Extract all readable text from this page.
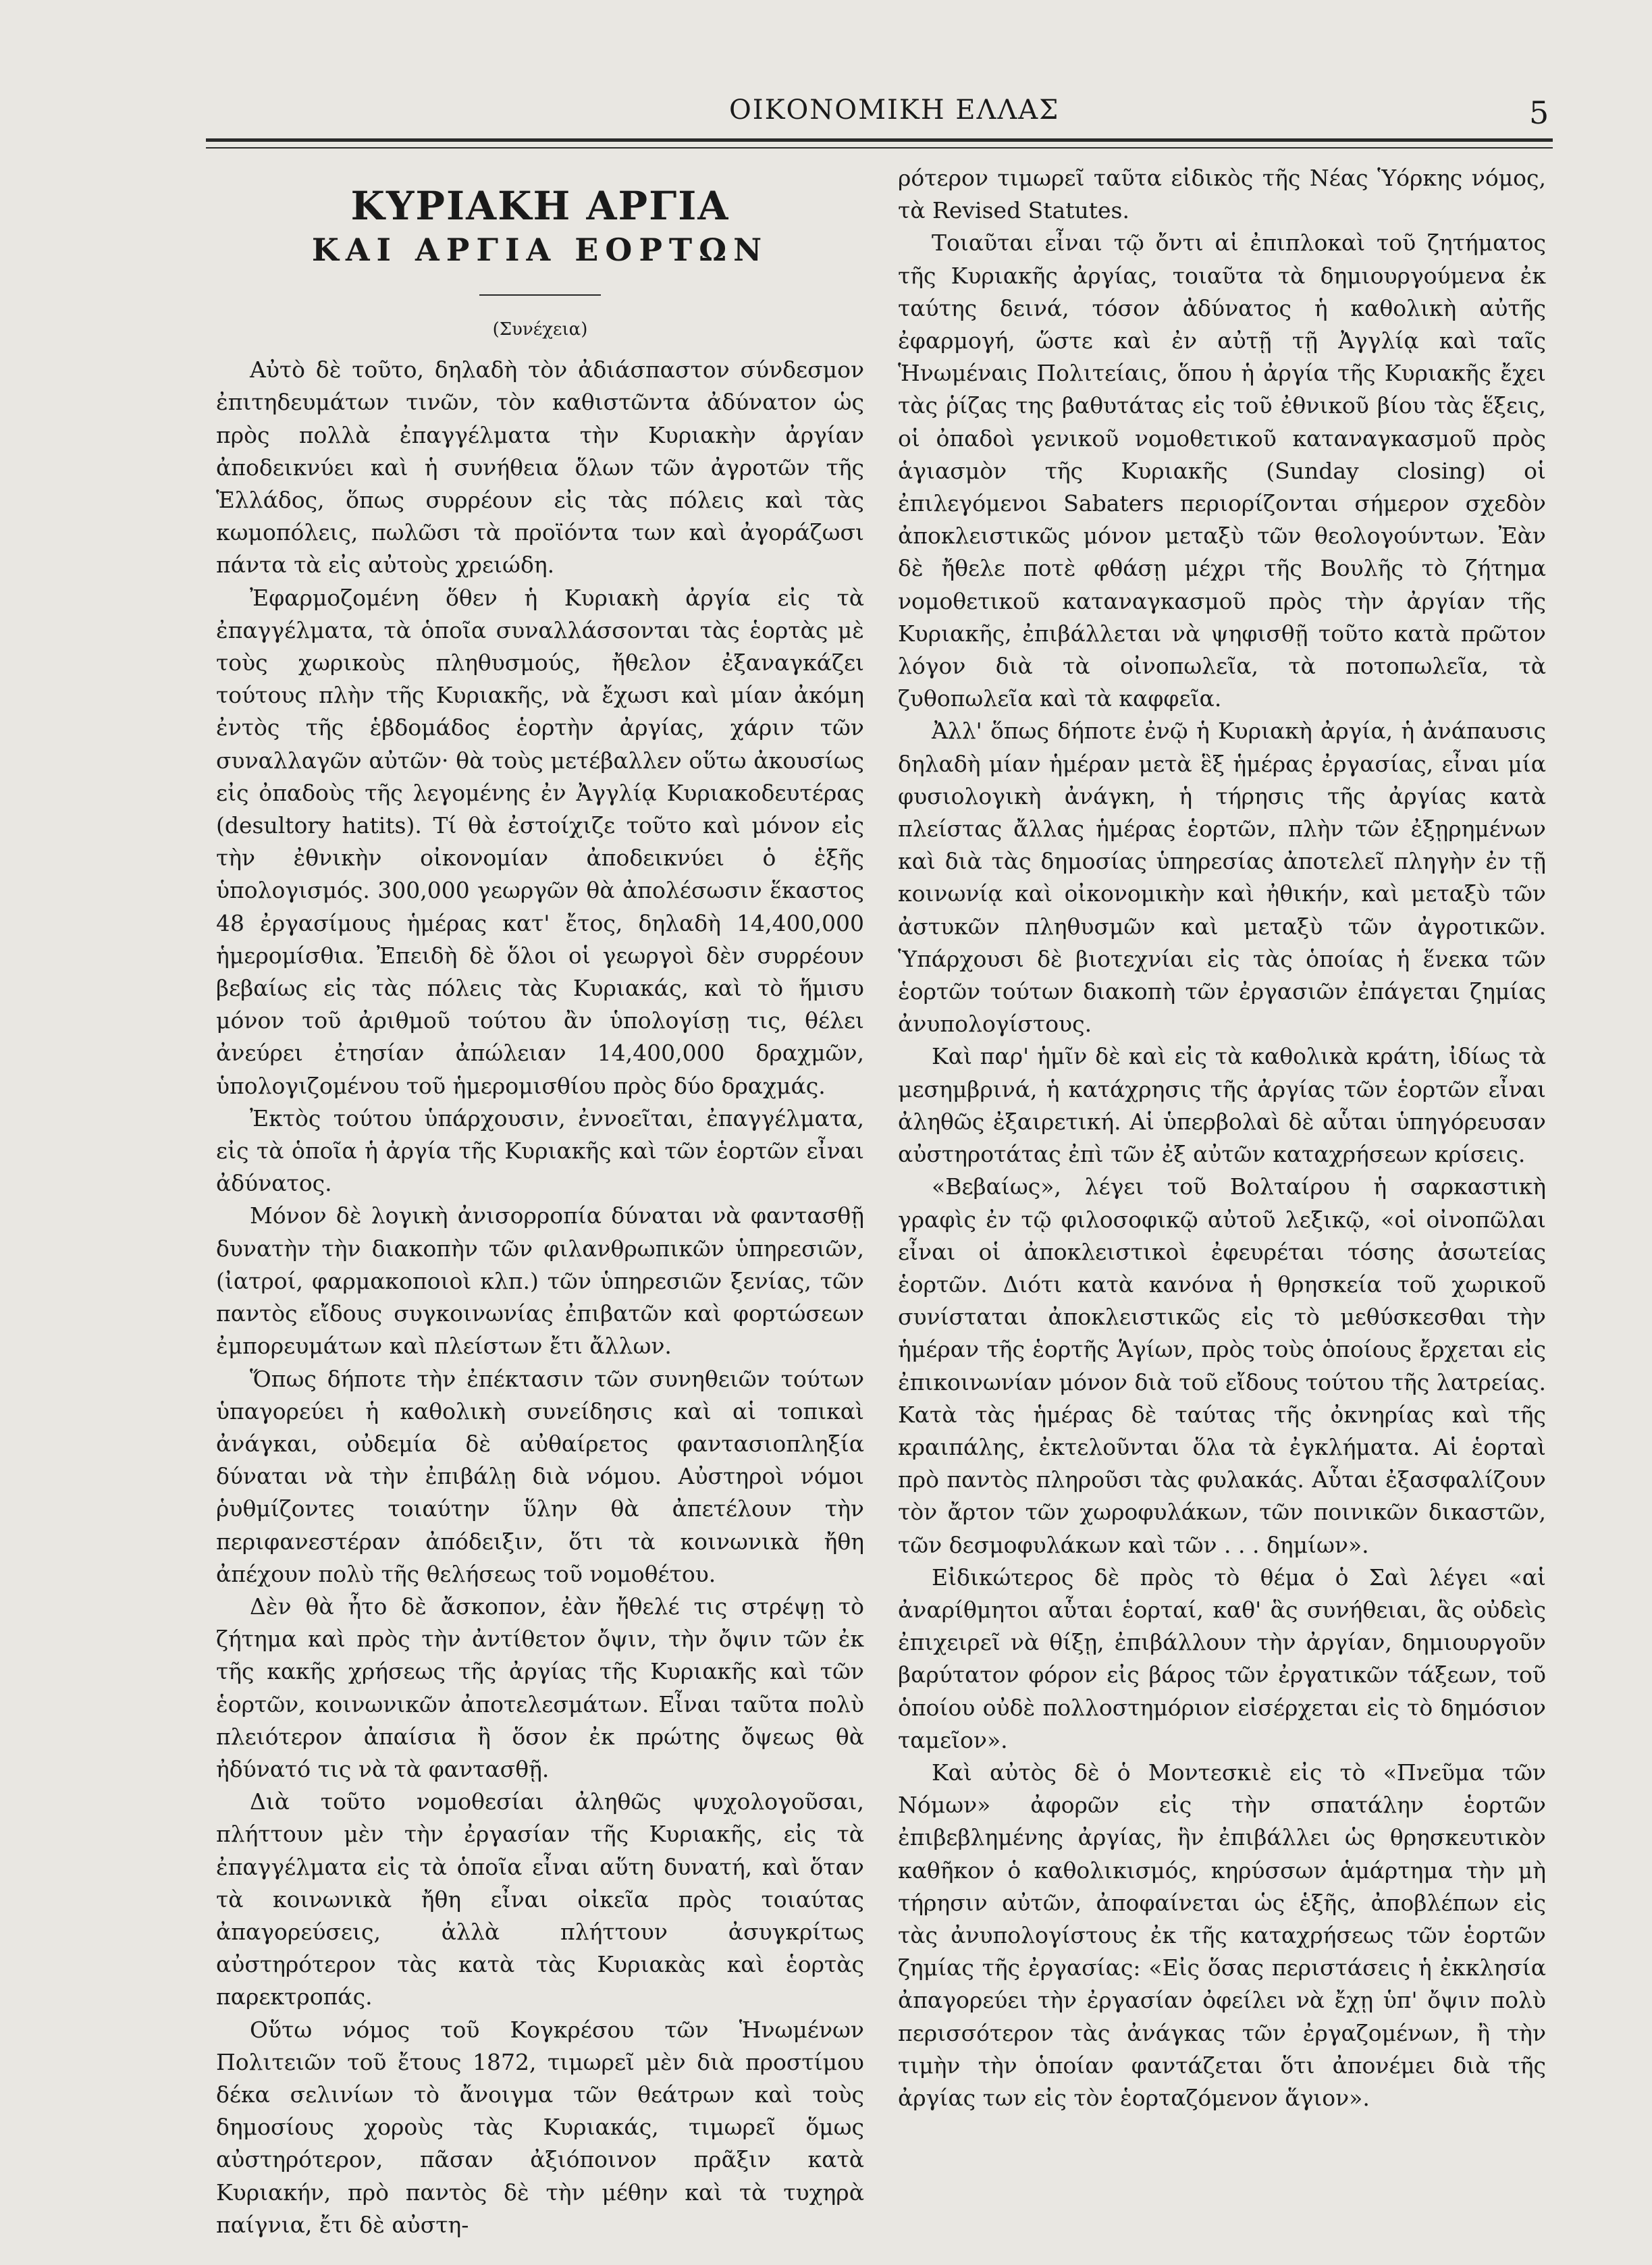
ΟΙΚΟΝΟΜΙΚΗ ΕΛΛΑΣ	5
ΚΥΡΙΑΚΗ ΑΡΓΙΑ
ΚΑΙ ΑΡΓΙΑ ΕΟΡΤΩΝ
(Συνέχεια)

Αὐτὸ δὲ τοῦτο, δηλαδὴ τὸν ἀδιάσπαστον σύνδεσμον ἐπιτηδευμάτων τινῶν, τὸν καθιστῶντα ἀδύνατον ὡς πρὸς πολλὰ ἐπαγγέλματα τὴν Κυριακὴν ἀργίαν ἀποδεικνύει καὶ ἡ συνήθεια ὅλων τῶν ἀγροτῶν τῆς Ἑλλάδος, ὅπως συρρέουν εἰς τὰς πόλεις καὶ τὰς κωμοπόλεις, πωλῶσι τὰ προϊόντα των καὶ ἀγοράζωσι πάντα τὰ εἰς αὐτοὺς χρειώδη.

Ἐφαρμοζομένη ὅθεν ἡ Κυριακὴ ἀργία εἰς τὰ ἐπαγγέλματα, τὰ ὁποῖα συναλλάσσονται τὰς ἑορτὰς μὲ τοὺς χωρικοὺς πληθυσμούς, ἤθελον ἐξαναγκάζει τούτους πλὴν τῆς Κυριακῆς, νὰ ἔχωσι καὶ μίαν ἀκόμη ἐντὸς τῆς ἑβδομάδος ἑορτὴν ἀργίας, χάριν τῶν συναλλαγῶν αὐτῶν· θὰ τοὺς μετέβαλλεν οὕτω ἀκουσίως εἰς ὀπαδοὺς τῆς λεγομένης ἐν Ἀγγλίᾳ Κυριακοδευτέρας (desultory hatits). Τί θὰ ἐστοίχιζε τοῦτο καὶ μόνον εἰς τὴν ἐθνικὴν οἰκονομίαν ἀποδεικνύει ὁ ἑξῆς ὑπολογισμός. 300,000 γεωργῶν θὰ ἀπολέσωσιν ἕκαστος 48 ἐργασίμους ἡμέρας κατ' ἔτος, δηλαδὴ 14,400,000 ἡμερομίσθια. Ἐπειδὴ δὲ ὅλοι οἱ γεωργοὶ δὲν συρρέουν βεβαίως εἰς τὰς πόλεις τὰς Κυριακάς, καὶ τὸ ἥμισυ μόνον τοῦ ἀριθμοῦ τούτου ἂν ὑπολογίσῃ τις, θέλει ἀνεύρει ἐτησίαν ἀπώλειαν 14,400,000 δραχμῶν, ὑπολογιζομένου τοῦ ἡμερομισθίου πρὸς δύο δραχμάς.

Ἐκτὸς τούτου ὑπάρχουσιν, ἐννοεῖται, ἐπαγγέλματα, εἰς τὰ ὁποῖα ἡ ἀργία τῆς Κυριακῆς καὶ τῶν ἑορτῶν εἶναι ἀδύνατος.

Μόνον δὲ λογικὴ ἀνισορροπία δύναται νὰ φαντασθῇ δυνατὴν τὴν διακοπὴν τῶν φιλανθρωπικῶν ὑπηρεσιῶν, (ἰατροί, φαρμακοποιοὶ κλπ.) τῶν ὑπηρεσιῶν ξενίας, τῶν παντὸς εἴδους συγκοινωνίας ἐπιβατῶν καὶ φορτώσεων ἐμπορευμάτων καὶ πλείστων ἔτι ἄλλων.

Ὅπως δήποτε τὴν ἐπέκτασιν τῶν συνηθειῶν τούτων ὑπαγορεύει ἡ καθολικὴ συνείδησις καὶ αἱ τοπικαὶ ἀνάγκαι, οὐδεμία δὲ αὐθαίρετος φαντασιοπληξία δύναται νὰ τὴν ἐπιβάλῃ διὰ νόμου. Αὐστηροὶ νόμοι ῥυθμίζοντες τοιαύτην ὕλην θὰ ἀπετέλουν τὴν περιφανεστέραν ἀπόδειξιν, ὅτι τὰ κοινωνικὰ ἤθη ἀπέχουν πολὺ τῆς θελήσεως τοῦ νομοθέτου.

Δὲν θὰ ἦτο δὲ ἄσκοπον, ἐὰν ἤθελέ τις στρέψῃ τὸ ζήτημα καὶ πρὸς τὴν ἀντίθετον ὄψιν, τὴν ὄψιν τῶν ἐκ τῆς κακῆς χρήσεως τῆς ἀργίας τῆς Κυριακῆς καὶ τῶν ἑορτῶν, κοινωνικῶν ἀποτελεσμάτων. Εἶναι ταῦτα πολὺ πλειότερον ἀπαίσια ἢ ὅσον ἐκ πρώτης ὄψεως θὰ ἠδύνατό τις νὰ τὰ φαντασθῇ.

Διὰ τοῦτο νομοθεσίαι ἀληθῶς ψυχολογοῦσαι, πλήττουν μὲν τὴν ἐργασίαν τῆς Κυριακῆς, εἰς τὰ ἐπαγγέλματα εἰς τὰ ὁποῖα εἶναι αὕτη δυνατή, καὶ ὅταν τὰ κοινωνικὰ ἤθη εἶναι οἰκεῖα πρὸς τοιαύτας ἀπαγορεύσεις, ἀλλὰ πλήττουν ἀσυγκρίτως αὐστηρότερον τὰς κατὰ τὰς Κυριακὰς καὶ ἑορτὰς παρεκτροπάς.

Οὕτω νόμος τοῦ Κογκρέσου τῶν Ἡνωμένων Πολιτειῶν τοῦ ἔτους 1872, τιμωρεῖ μὲν διὰ προστίμου δέκα σελινίων τὸ ἄνοιγμα τῶν θεάτρων καὶ τοὺς δημοσίους χοροὺς τὰς Κυριακάς, τιμωρεῖ ὅμως αὐστηρότερον, πᾶσαν ἀξιόποινον πρᾶξιν κατὰ Κυριακήν, πρὸ παντὸς δὲ τὴν μέθην καὶ τὰ τυχηρὰ παίγνια, ἔτι δὲ αὐστη-

ρότερον τιμωρεῖ ταῦτα εἰδικὸς τῆς Νέας Ὑόρκης νόμος, τὰ Revised Statutes.

Τοιαῦται εἶναι τῷ ὄντι αἱ ἐπιπλοκαὶ τοῦ ζητήματος τῆς Κυριακῆς ἀργίας, τοιαῦτα τὰ δημιουργούμενα ἐκ ταύτης δεινά, τόσον ἀδύνατος ἡ καθολικὴ αὐτῆς ἐφαρμογή, ὥστε καὶ ἐν αὐτῇ τῇ Ἀγγλίᾳ καὶ ταῖς Ἡνωμέναις Πολιτείαις, ὅπου ἡ ἀργία τῆς Κυριακῆς ἔχει τὰς ῥίζας της βαθυτάτας εἰς τοῦ ἐθνικοῦ βίου τὰς ἕξεις, οἱ ὀπαδοὶ γενικοῦ νομοθετικοῦ καταναγκασμοῦ πρὸς ἁγιασμὸν τῆς Κυριακῆς (Sunday closing) οἱ ἐπιλεγόμενοι Sabaters περιορίζονται σήμερον σχεδὸν ἀποκλειστικῶς μόνον μεταξὺ τῶν θεολογούντων. Ἐὰν δὲ ἤθελε ποτὲ φθάσῃ μέχρι τῆς Βουλῆς τὸ ζήτημα νομοθετικοῦ καταναγκασμοῦ πρὸς τὴν ἀργίαν τῆς Κυριακῆς, ἐπιβάλλεται νὰ ψηφισθῇ τοῦτο κατὰ πρῶτον λόγον διὰ τὰ οἰνοπωλεῖα, τὰ ποτοπωλεῖα, τὰ ζυθοπωλεῖα καὶ τὰ καφφεῖα.

Ἀλλ' ὅπως δήποτε ἐνῷ ἡ Κυριακὴ ἀργία, ἡ ἀνάπαυσις δηλαδὴ μίαν ἡμέραν μετὰ ἓξ ἡμέρας ἐργασίας, εἶναι μία φυσιολογικὴ ἀνάγκη, ἡ τήρησις τῆς ἀργίας κατὰ πλείστας ἄλλας ἡμέρας ἑορτῶν, πλὴν τῶν ἐξῃρημένων καὶ διὰ τὰς δημοσίας ὑπηρεσίας ἀποτελεῖ πληγὴν ἐν τῇ κοινωνίᾳ καὶ οἰκονομικὴν καὶ ἠθικήν, καὶ μεταξὺ τῶν ἀστυκῶν πληθυσμῶν καὶ μεταξὺ τῶν ἀγροτικῶν. Ὑπάρχουσι δὲ βιοτεχνίαι εἰς τὰς ὁποίας ἡ ἕνεκα τῶν ἑορτῶν τούτων διακοπὴ τῶν ἐργασιῶν ἐπάγεται ζημίας ἀνυπολογίστους.

Καὶ παρ' ἡμῖν δὲ καὶ εἰς τὰ καθολικὰ κράτη, ἰδίως τὰ μεσημβρινά, ἡ κατάχρησις τῆς ἀργίας τῶν ἑορτῶν εἶναι ἀληθῶς ἐξαιρετική. Αἱ ὑπερβολαὶ δὲ αὗται ὑπηγόρευσαν αὐστηροτάτας ἐπὶ τῶν ἐξ αὐτῶν καταχρήσεων κρίσεις.

«Βεβαίως», λέγει τοῦ Βολταίρου ἡ σαρκαστικὴ γραφὶς ἐν τῷ φιλοσοφικῷ αὐτοῦ λεξικῷ, «οἱ οἰνοπῶλαι εἶναι οἱ ἀποκλειστικοὶ ἐφευρέται τόσης ἀσωτείας ἑορτῶν. Διότι κατὰ κανόνα ἡ θρησκεία τοῦ χωρικοῦ συνίσταται ἀποκλειστικῶς εἰς τὸ μεθύσκεσθαι τὴν ἡμέραν τῆς ἑορτῆς Ἁγίων, πρὸς τοὺς ὁποίους ἔρχεται εἰς ἐπικοινωνίαν μόνον διὰ τοῦ εἴδους τούτου τῆς λατρείας. Κατὰ τὰς ἡμέρας δὲ ταύτας τῆς ὀκνηρίας καὶ τῆς κραιπάλης, ἐκτελοῦνται ὅλα τὰ ἐγκλήματα. Αἱ ἑορταὶ πρὸ παντὸς πληροῦσι τὰς φυλακάς. Αὗται ἐξασφαλίζουν τὸν ἄρτον τῶν χωροφυλάκων, τῶν ποινικῶν δικαστῶν, τῶν δεσμοφυλάκων καὶ τῶν . . . δημίων».

Εἰδικώτερος δὲ πρὸς τὸ θέμα ὁ Σαὶ λέγει «αἱ ἀναρίθμητοι αὗται ἑορταί, καθ' ἃς συνήθειαι, ἃς οὐδεὶς ἐπιχειρεῖ νὰ θίξῃ, ἐπιβάλλουν τὴν ἀργίαν, δημιουργοῦν βαρύτατον φόρον εἰς βάρος τῶν ἐργατικῶν τάξεων, τοῦ ὁποίου οὐδὲ πολλοστημόριον εἰσέρχεται εἰς τὸ δημόσιον ταμεῖον».

Καὶ αὐτὸς δὲ ὁ Μοντεσκιὲ εἰς τὸ «Πνεῦμα τῶν Νόμων» ἀφορῶν εἰς τὴν σπατάλην ἑορτῶν ἐπιβεβλημένης ἀργίας, ἣν ἐπιβάλλει ὡς θρησκευτικὸν καθῆκον ὁ καθολικισμός, κηρύσσων ἁμάρτημα τὴν μὴ τήρησιν αὐτῶν, ἀποφαίνεται ὡς ἑξῆς, ἀποβλέπων εἰς τὰς ἀνυπολογίστους ἐκ τῆς καταχρήσεως τῶν ἑορτῶν ζημίας τῆς ἐργασίας: «Εἰς ὅσας περιστάσεις ἡ ἐκκλησία ἀπαγορεύει τὴν ἐργασίαν ὀφείλει νὰ ἔχῃ ὑπ' ὄψιν πολὺ περισσότερον τὰς ἀνάγκας τῶν ἐργαζομένων, ἢ τὴν τιμὴν τὴν ὁποίαν φαντάζεται ὅτι ἀπονέμει διὰ τῆς ἀργίας των εἰς τὸν ἑορταζόμενον ἅγιον».
